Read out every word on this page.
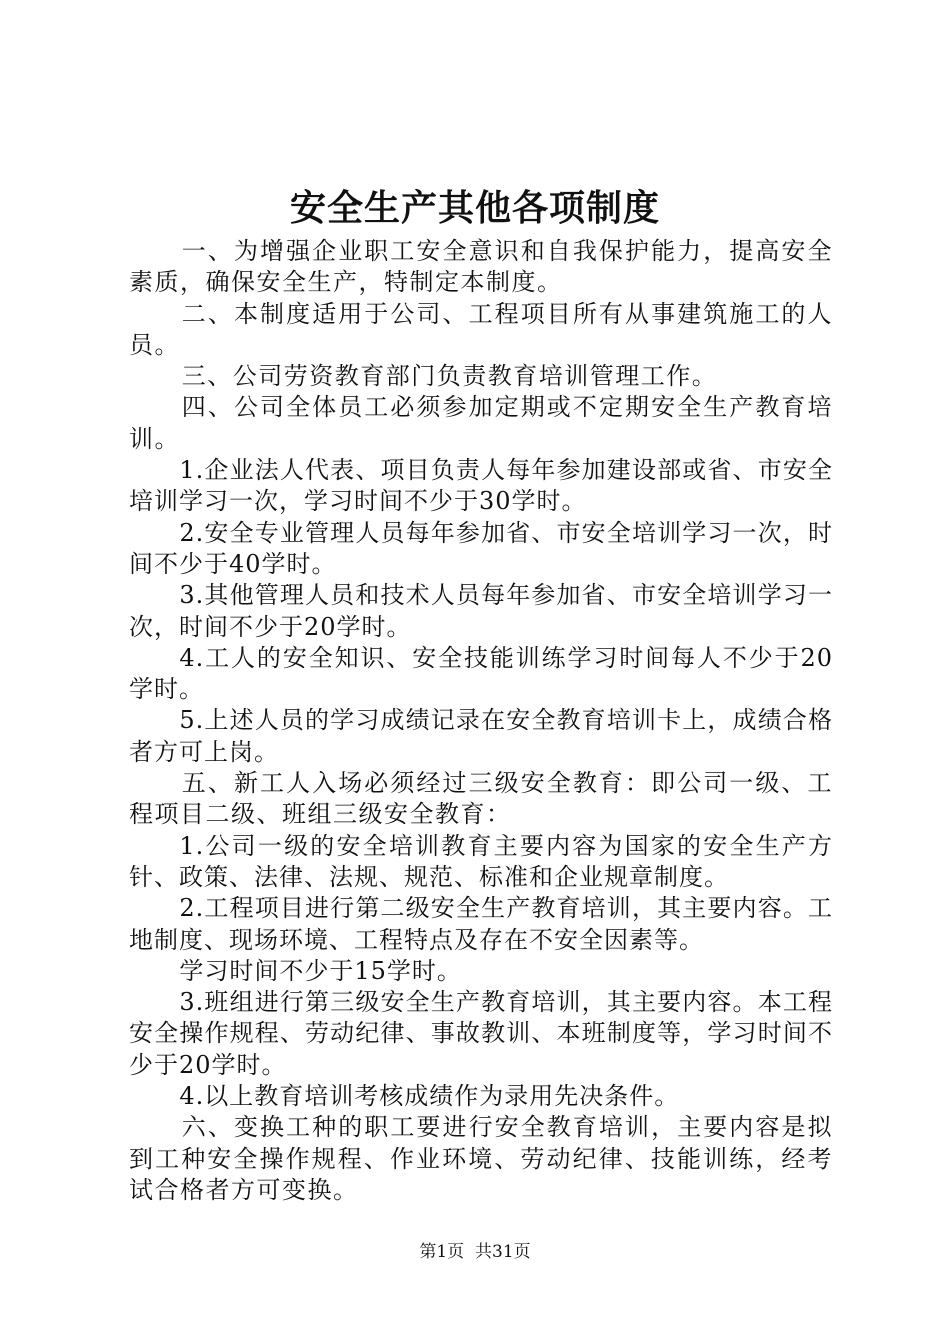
安全生产其他各项制度

一、为增强企业职工安全意识和自我保护能力，提高安全素质，确保安全生产，特制定本制度。

二、本制度适用于公司、工程项目所有从事建筑施工的人员。

三、公司劳资教育部门负责教育培训管理工作。

四、公司全体员工必须参加定期或不定期安全生产教育培训。

1.企业法人代表、项目负责人每年参加建设部或省、市安全培训学习一次，学习时间不少于30学时。

2.安全专业管理人员每年参加省、市安全培训学习一次，时间不少于40学时。

3.其他管理人员和技术人员每年参加省、市安全培训学习一次，时间不少于20学时。

4.工人的安全知识、安全技能训练学习时间每人不少于20学时。

5.上述人员的学习成绩记录在安全教育培训卡上，成绩合格者方可上岗。

五、新工人入场必须经过三级安全教育：即公司一级、工程项目二级、班组三级安全教育：

1.公司一级的安全培训教育主要内容为国家的安全生产方针、政策、法律、法规、规范、标准和企业规章制度。

2.工程项目进行第二级安全生产教育培训，其主要内容。工地制度、现场环境、工程特点及存在不安全因素等。

学习时间不少于15学时。

3.班组进行第三级安全生产教育培训，其主要内容。本工程安全操作规程、劳动纪律、事故教训、本班制度等，学习时间不少于20学时。

4.以上教育培训考核成绩作为录用先决条件。

六、变换工种的职工要进行安全教育培训，主要内容是拟到工种安全操作规程、作业环境、劳动纪律、技能训练，经考试合格者方可变换。

第1页 共31页
